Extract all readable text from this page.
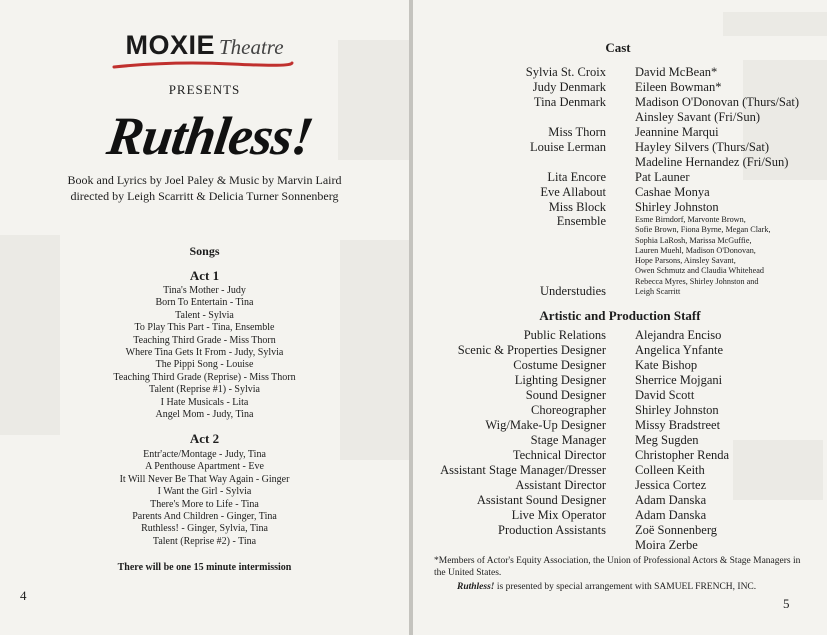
MOXIE Theatre
PRESENTS
Ruthless!
Book and Lyrics by Joel Paley & Music by Marvin Laird
directed by Leigh Scarritt & Delicia Turner Sonnenberg
Songs
Act 1
Tina's Mother - Judy
Born To Entertain - Tina
Talent - Sylvia
To Play This Part - Tina, Ensemble
Teaching Third Grade - Miss Thorn
Where Tina Gets It From - Judy, Sylvia
The Pippi Song - Louise
Teaching Third Grade (Reprise) - Miss Thorn
Talent (Reprise #1) - Sylvia
I Hate Musicals - Lita
Angel Mom - Judy, Tina
Act 2
Entr'acte/Montage - Judy, Tina
A Penthouse Apartment - Eve
It Will Never Be That Way Again - Ginger
I Want the Girl - Sylvia
There's More to Life - Tina
Parents And Children - Ginger, Tina
Ruthless! - Ginger, Sylvia, Tina
Talent (Reprise #2) - Tina
There will be one 15 minute intermission
4
Cast
Sylvia St. Croix David McBean*
Judy Denmark Eileen Bowman*
Tina Denmark Madison O'Donovan (Thurs/Sat)
Ainsley Savant (Fri/Sun)
Miss Thorn Jeannine Marqui
Louise Lerman Hayley Silvers (Thurs/Sat)
Madeline Hernandez (Fri/Sun)
Lita Encore Pat Launer
Eve Allabout Cashae Monya
Miss Block Shirley Johnston
Ensemble	Esme Birndorf, Marvonte Brown,
Sofie Brown, Fiona Byrne, Megan Clark,
Sophia LaRosh, Marissa McGuffie,
Lauren Muehl, Madison O'Donovan,
Hope Parsons, Ainsley Savant,
Owen Schmutz and Claudia Whitehead
Understudies
Rebecca Myres, Shirley Johnston and
Leigh Scarritt
Artistic and Production Staff
Public Relations Alejandra Enciso
Scenic & Properties Designer Angelica Ynfante
Costume Designer Kate Bishop
Lighting Designer Sherrice Mojgani
Sound Designer David Scott
Choreographer Shirley Johnston
Wig/Make-Up Designer Missy Bradstreet
Stage Manager Meg Sugden
Technical Director Christopher Renda
Assistant Stage Manager/Dresser Colleen Keith
Assistant Director Jessica Cortez
Assistant Sound Designer Adam Danska
Live Mix Operator Adam Danska
Production Assistants Zoë Sonnenberg
Moira Zerbe
*Members of Actor's Equity Association, the Union of Professional Actors & Stage Managers in the United States.
Ruthless! is presented by special arrangement with SAMUEL FRENCH, INC.
5
